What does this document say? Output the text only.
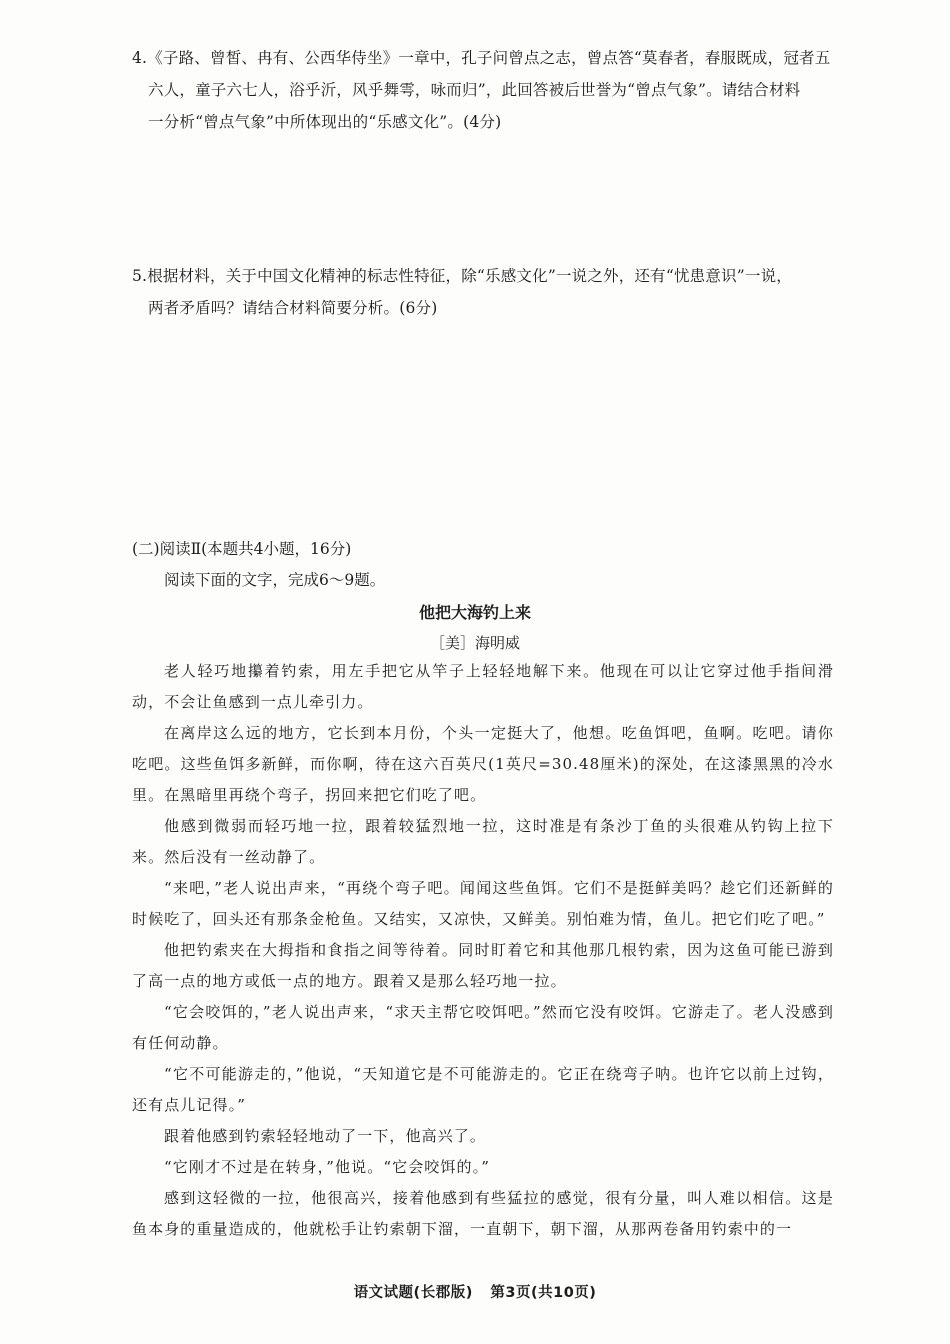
4.《子路、曾皙、冉有、公西华侍坐》一章中，孔子问曾点之志，曾点答“莫春者，春服既成，冠者五
六人，童子六七人，浴乎沂，风乎舞雩，咏而归”，此回答被后世誉为“曾点气象”。请结合材料
一分析“曾点气象”中所体现出的“乐感文化”。(4分)
5.根据材料，关于中国文化精神的标志性特征，除“乐感文化”一说之外，还有“忧患意识”一说，
两者矛盾吗？请结合材料简要分析。(6分)
(二)阅读Ⅱ(本题共4小题，16分)
阅读下面的文字，完成6～9题。
他把大海钓上来
［美］海明威

老人轻巧地攥着钓索，用左手把它从竿子上轻轻地解下来。他现在可以让它穿过他手指间滑动，不会让鱼感到一点儿牵引力。

在离岸这么远的地方，它长到本月份，个头一定挺大了，他想。吃鱼饵吧，鱼啊。吃吧。请你吃吧。这些鱼饵多新鲜，而你啊，待在这六百英尺(1英尺=30.48厘米)的深处，在这漆黑黑的冷水里。在黑暗里再绕个弯子，拐回来把它们吃了吧。

他感到微弱而轻巧地一拉，跟着较猛烈地一拉，这时准是有条沙丁鱼的头很难从钓钩上拉下来。然后没有一丝动静了。

“来吧，”老人说出声来，“再绕个弯子吧。闻闻这些鱼饵。它们不是挺鲜美吗？趁它们还新鲜的时候吃了，回头还有那条金枪鱼。又结实，又凉快，又鲜美。别怕难为情，鱼儿。把它们吃了吧。”

他把钓索夹在大拇指和食指之间等待着。同时盯着它和其他那几根钓索，因为这鱼可能已游到了高一点的地方或低一点的地方。跟着又是那么轻巧地一拉。

“它会咬饵的，”老人说出声来，“求天主帮它咬饵吧。”然而它没有咬饵。它游走了。老人没感到有任何动静。

“它不可能游走的，”他说，“天知道它是不可能游走的。它正在绕弯子呐。也许它以前上过钩，还有点儿记得。”

跟着他感到钓索轻轻地动了一下，他高兴了。

“它刚才不过是在转身，”他说。“它会咬饵的。”

感到这轻微的一拉，他很高兴，接着他感到有些猛拉的感觉，很有分量，叫人难以相信。这是鱼本身的重量造成的，他就松手让钓索朝下溜，一直朝下，朝下溜，从那两卷备用钓索中的一

语文试题(长郡版) 第3页(共10页)
